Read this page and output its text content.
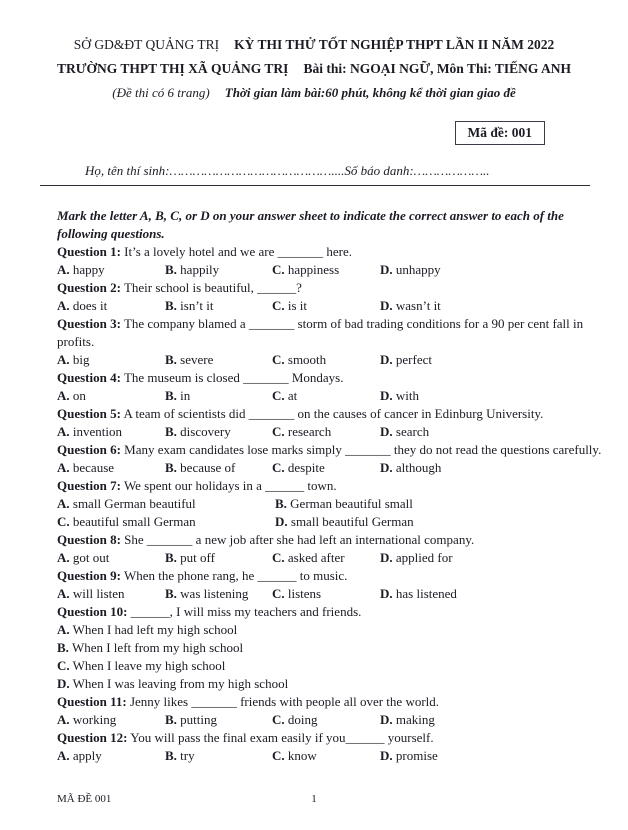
SỞ GD&ĐT QUẢNG TRỊ KỲ THI THỬ TỐT NGHIỆP THPT LẦN II NĂM 2022
TRƯỜNG THPT THỊ XÃ QUẢNG TRỊ Bài thi: NGOẠI NGỮ, Môn Thi: TIẾNG ANH
(Đề thi có 6 trang) Thời gian làm bài:60 phút, không kể thời gian giao đề
Mã đề: 001
Họ, tên thí sinh:……………………………………....Số báo danh:………………..

Mark the letter A, B, C, or D on your answer sheet to indicate the correct answer to each of the following questions.

Question 1: It’s a lovely hotel and we are _______ here.

A. happy	B. happily	C. happiness	D. unhappy

Question 2: Their school is beautiful, ______?

A. does it	B. isn’t it	C. is it	D. wasn’t it

Question 3: The company blamed a _______ storm of bad trading conditions for a 90 per cent fall in profits.

A. big	B. severe	C. smooth	D. perfect

Question 4: The museum is closed _______ Mondays.

A. on	B. in	C. at	D. with

Question 5: A team of scientists did _______ on the causes of cancer in Edinburg University.

A. invention	B. discovery	C. research	D. search

Question 6: Many exam candidates lose marks simply _______ they do not read the questions carefully.

A. because	B. because of	C. despite	D. although

Question 7: We spent our holidays in a ______ town.

A. small German beautiful	B. German beautiful small
C. beautiful small German	D. small beautiful German

Question 8: She _______ a new job after she had left an international company.

A. got out	B. put off	C. asked after	D. applied for

Question 9: When the phone rang, he ______ to music.

A. will listen	B. was listening	C. listens	D. has listened

Question 10: ______, I will miss my teachers and friends.

A. When I had left my high school
B. When I left from my high school
C. When I leave my high school
D. When I was leaving from my high school

Question 11: Jenny likes _______ friends with people all over the world.

A. working	B. putting	C. doing	D. making

Question 12: You will pass the final exam easily if you______ yourself.

A. apply	B. try	C. know	D. promise
MÃ ĐỀ 001	1
